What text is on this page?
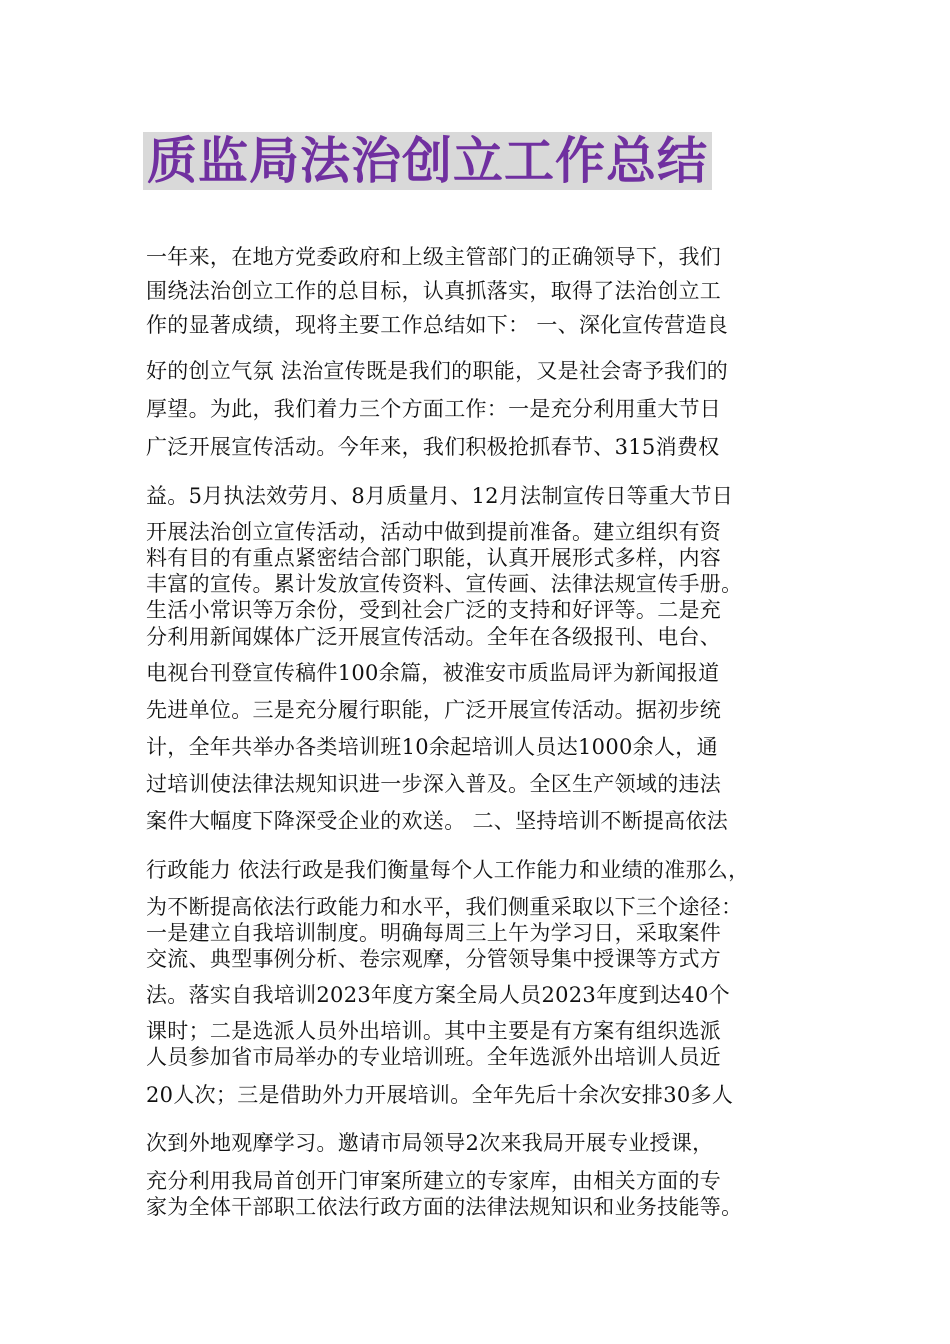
质监局法治创立工作总结
一年来，在地方党委政府和上级主管部门的正确领导下，我们
围绕法治创立工作的总目标，认真抓落实，取得了法治创立工
作的显著成绩，现将主要工作总结如下： 一、深化宣传营造良
好的创立气氛 法治宣传既是我们的职能，又是社会寄予我们的
厚望。为此，我们着力三个方面工作：一是充分利用重大节日
广泛开展宣传活动。今年来，我们积极抢抓春节、315消费权
益。5月执法效劳月、8月质量月、12月法制宣传日等重大节日
开展法治创立宣传活动，活动中做到提前准备。建立组织有资
料有目的有重点紧密结合部门职能，认真开展形式多样，内容
丰富的宣传。累计发放宣传资料、宣传画、法律法规宣传手册。
生活小常识等万余份，受到社会广泛的支持和好评等。二是充
分利用新闻媒体广泛开展宣传活动。全年在各级报刊、电台、
电视台刊登宣传稿件100余篇，被淮安市质监局评为新闻报道
先进单位。三是充分履行职能，广泛开展宣传活动。据初步统
计，全年共举办各类培训班10余起培训人员达1000余人，通
过培训使法律法规知识进一步深入普及。全区生产领域的违法
案件大幅度下降深受企业的欢送。 二、坚持培训不断提高依法
行政能力 依法行政是我们衡量每个人工作能力和业绩的准那么，
为不断提高依法行政能力和水平，我们侧重采取以下三个途径：
一是建立自我培训制度。明确每周三上午为学习日，采取案件
交流、典型事例分析、卷宗观摩，分管领导集中授课等方式方
法。落实自我培训2023年度方案全局人员2023年度到达40个
课时；二是选派人员外出培训。其中主要是有方案有组织选派
人员参加省市局举办的专业培训班。全年选派外出培训人员近
20人次；三是借助外力开展培训。全年先后十余次安排30多人
次到外地观摩学习。邀请市局领导2次来我局开展专业授课，
充分利用我局首创开门审案所建立的专家库，由相关方面的专
家为全体干部职工依法行政方面的法律法规知识和业务技能等。
